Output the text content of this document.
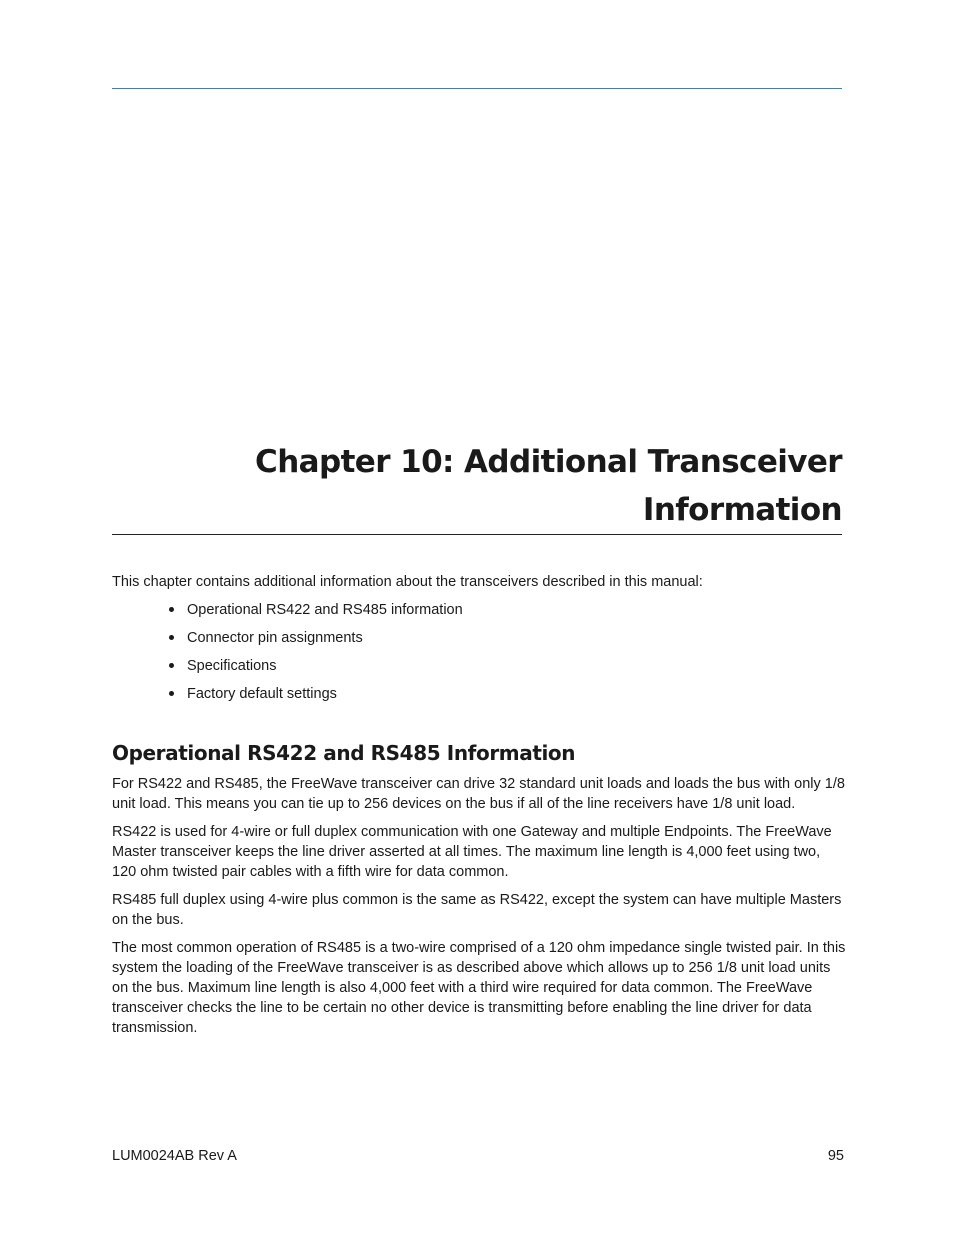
Chapter 10: Additional Transceiver
Information

This chapter contains additional information about the transceivers described in this manual:

Operational RS422 and RS485 information
Connector pin assignments
Specifications
Factory default settings
Operational RS422 and RS485 Information

For RS422 and RS485, the FreeWave transceiver can drive 32 standard unit loads and loads the bus with only 1/8 unit load. This means you can tie up to 256 devices on the bus if all of the line receivers have 1/8 unit load.

RS422 is used for 4-wire or full duplex communication with one Gateway and multiple Endpoints. The FreeWave Master transceiver keeps the line driver asserted at all times. The maximum line length is 4,000 feet using two, 120 ohm twisted pair cables with a fifth wire for data common.

RS485 full duplex using 4-wire plus common is the same as RS422, except the system can have multiple Masters on the bus.

The most common operation of RS485 is a two-wire comprised of a 120 ohm impedance single twisted pair. In this system the loading of the FreeWave transceiver is as described above which allows up to 256 1/8 unit load units on the bus. Maximum line length is also 4,000 feet with a third wire required for data common. The FreeWave transceiver checks the line to be certain no other device is transmitting before enabling the line driver for data transmission.

LUM0024AB Rev A	95
